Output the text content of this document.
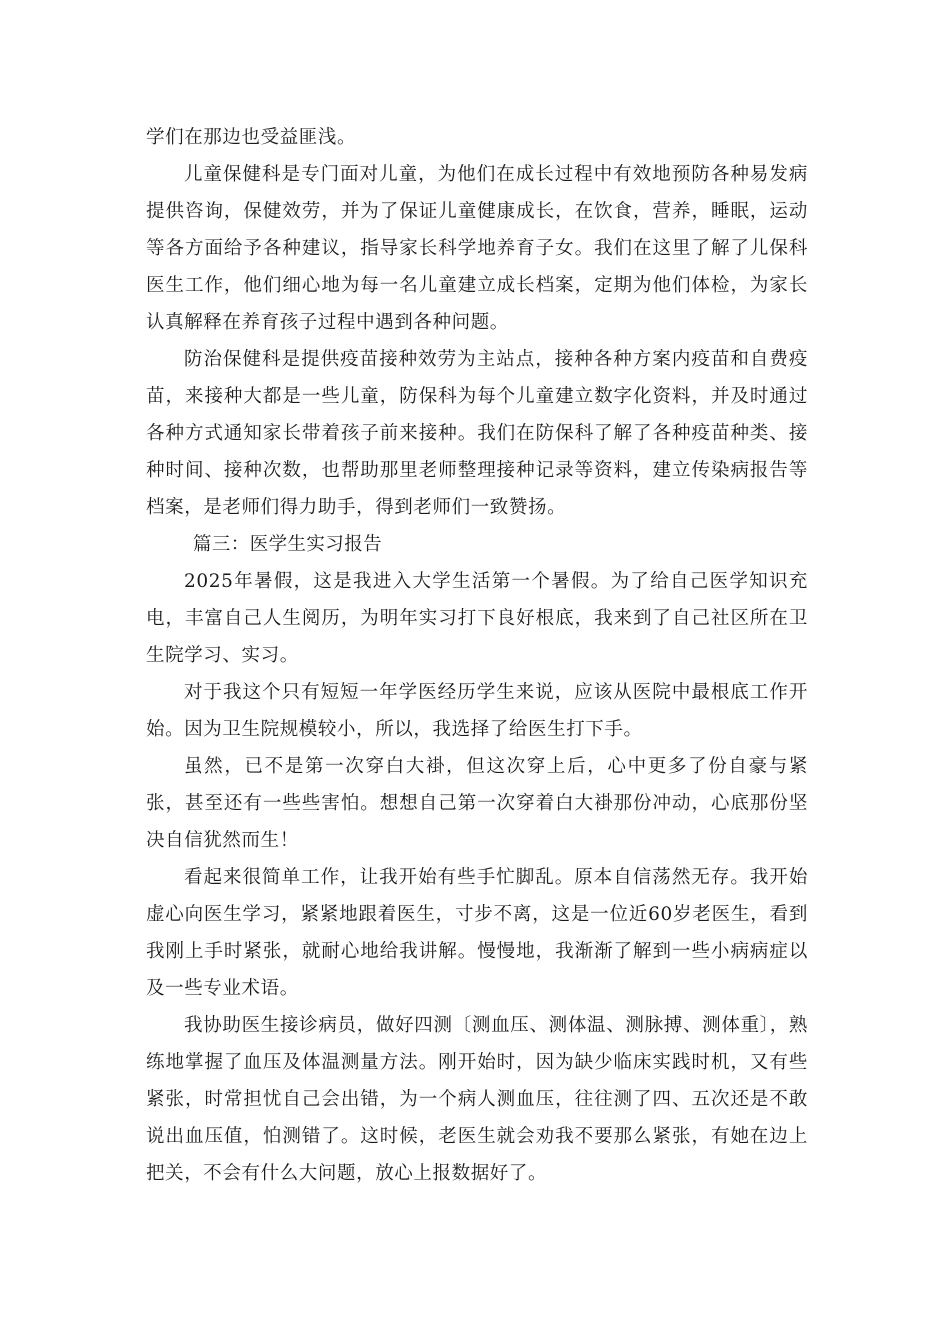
学们在那边也受益匪浅。

儿童保健科是专门面对儿童，为他们在成长过程中有效地预防各种易发病提供咨询，保健效劳，并为了保证儿童健康成长，在饮食，营养，睡眠，运动等各方面给予各种建议，指导家长科学地养育子女。我们在这里了解了儿保科医生工作，他们细心地为每一名儿童建立成长档案，定期为他们体检，为家长认真解释在养育孩子过程中遇到各种问题。

防治保健科是提供疫苗接种效劳为主站点，接种各种方案内疫苗和自费疫苗，来接种大都是一些儿童，防保科为每个儿童建立数字化资料，并及时通过各种方式通知家长带着孩子前来接种。我们在防保科了解了各种疫苗种类、接种时间、接种次数，也帮助那里老师整理接种记录等资料，建立传染病报告等档案，是老师们得力助手，得到老师们一致赞扬。

篇三：医学生实习报告

2025年暑假，这是我进入大学生活第一个暑假。为了给自己医学知识充电，丰富自己人生阅历，为明年实习打下良好根底，我来到了自己社区所在卫生院学习、实习。

对于我这个只有短短一年学医经历学生来说，应该从医院中最根底工作开始。因为卫生院规模较小，所以，我选择了给医生打下手。

虽然，已不是第一次穿白大褂，但这次穿上后，心中更多了份自豪与紧张，甚至还有一些些害怕。想想自己第一次穿着白大褂那份冲动，心底那份坚决自信犹然而生！

看起来很简单工作，让我开始有些手忙脚乱。原本自信荡然无存。我开始虚心向医生学习，紧紧地跟着医生，寸步不离，这是一位近60岁老医生，看到我刚上手时紧张，就耐心地给我讲解。慢慢地，我渐渐了解到一些小病病症以及一些专业术语。

我协助医生接诊病员，做好四测〔测血压、测体温、测脉搏、测体重〕，熟练地掌握了血压及体温测量方法。刚开始时，因为缺少临床实践时机，又有些紧张，时常担忧自己会出错，为一个病人测血压，往往测了四、五次还是不敢说出血压值，怕测错了。这时候，老医生就会劝我不要那么紧张，有她在边上把关，不会有什么大问题，放心上报数据好了。
